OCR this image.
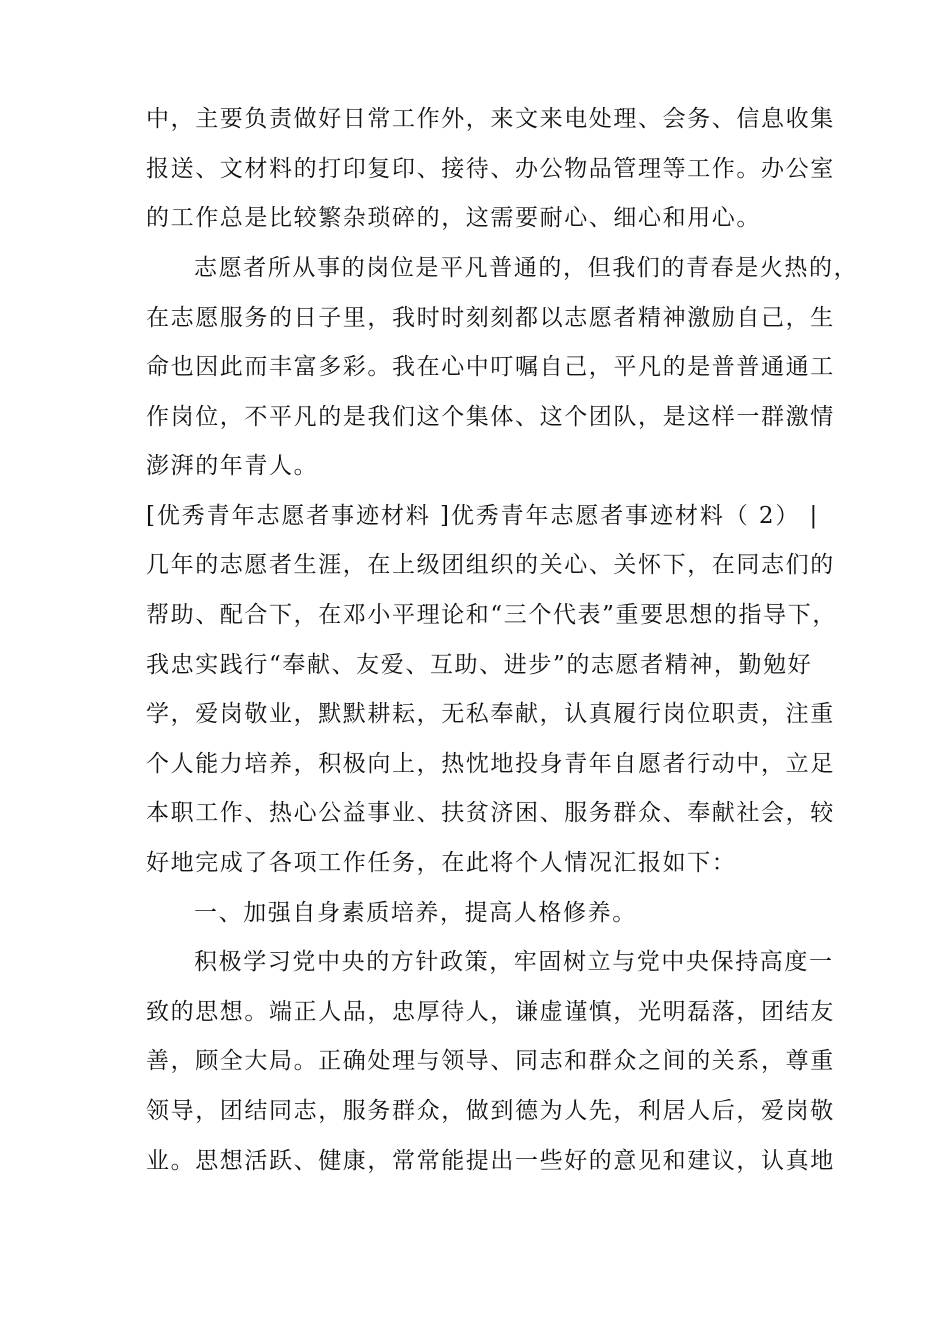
中，主要负责做好日常工作外，来文来电处理、会务、信息收集
报送、文材料的打印复印、接待、办公物品管理等工作。办公室
的工作总是比较繁杂琐碎的，这需要耐心、细心和用心。
志愿者所从事的岗位是平凡普通的，但我们的青春是火热的，
在志愿服务的日子里，我时时刻刻都以志愿者精神激励自己，生
命也因此而丰富多彩。我在心中叮嘱自己，平凡的是普普通通工
作岗位，不平凡的是我们这个集体、这个团队，是这样一群激情
澎湃的年青人。
[优秀青年志愿者事迹材料 ]优秀青年志愿者事迹材料（ 2） |
几年的志愿者生涯，在上级团组织的关心、关怀下，在同志们的
帮助、配合下，在邓小平理论和“三个代表”重要思想的指导下，
我忠实践行“奉献、友爱、互助、进步”的志愿者精神，勤勉好
学，爱岗敬业，默默耕耘，无私奉献，认真履行岗位职责，注重
个人能力培养，积极向上，热忱地投身青年自愿者行动中，立足
本职工作、热心公益事业、扶贫济困、服务群众、奉献社会，较
好地完成了各项工作任务，在此将个人情况汇报如下：
一、加强自身素质培养，提高人格修养。
积极学习党中央的方针政策，牢固树立与党中央保持高度一
致的思想。端正人品，忠厚待人，谦虚谨慎，光明磊落，团结友
善，顾全大局。正确处理与领导、同志和群众之间的关系，尊重
领导，团结同志，服务群众，做到德为人先，利居人后，爱岗敬
业。思想活跃、健康，常常能提出一些好的意见和建议，认真地
